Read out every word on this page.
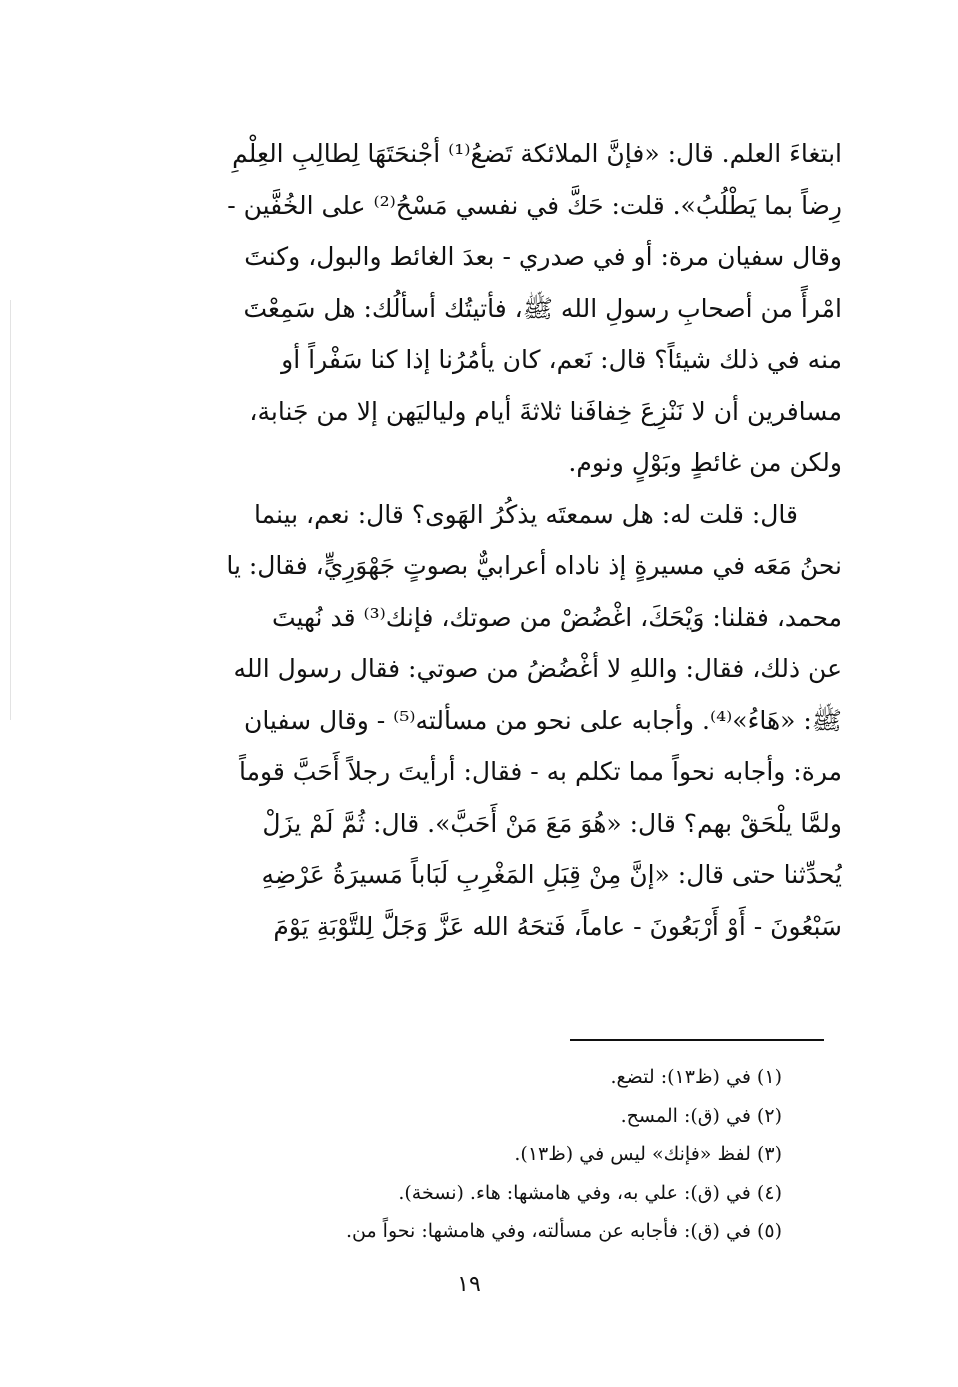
ابتغاءَ العلم. قال: «فإنَّ الملائكة تَضعُ⁽¹⁾ أجْنحَتَهَا لِطالِبِ العِلْمِ
رِضاً بما يَطْلُبُ». قلت: حَكَّ في نفسي مَسْحُ⁽²⁾ على الخُفَّين -
وقال سفيان مرة: أو في صدري - بعدَ الغائط والبول، وكنتَ
امْرأً من أصحابِ رسولِ الله ﷺ، فأتيتُك أسألُك: هل سَمِعْتَ
منه في ذلك شيئاً؟ قال: نَعم، كان يأمُرُنا إذا كنا سَفْراً أو
مسافرين أن لا نَنْزِعَ خِفافَنا ثلاثةَ أيام ولياليَهن إلا من جَنابة،
ولكن من غائطٍ وبَوْلٍ ونوم.
قال: قلت له: هل سمعتَه يذكُرُ الهَوى؟ قال: نعم، بينما
نحنُ مَعَه في مسيرةٍ إذ ناداه أعرابيٌّ بصوتٍ جَهْوَرِيٍّ، فقال: يا
محمد، فقلنا: وَيْحَكَ، اغْضُضْ من صوتك، فإنك⁽³⁾ قد نُهيتَ
عن ذلك، فقال: واللهِ لا أغْضُضُ من صوتي: فقال رسول الله
ﷺ: «هَاءُ»⁽⁴⁾. وأجابه على نحو من مسألته⁽⁵⁾ - وقال سفيان
مرة: وأجابه نحواً مما تكلم به - فقال: أرأيتَ رجلاً أَحَبَّ قوماً
ولمَّا يلْحَقْ بهم؟ قال: «هُوَ مَعَ مَنْ أَحَبَّ». قال: ثُمَّ لَمْ يزَلْ
يُحدِّثنا حتى قال: «إنَّ مِنْ قِبَلِ المَغْرِبِ لَبَاباً مَسيرَةُ عَرْضِهِ
سَبْعُونَ - أَوْ أَرْبَعُونَ - عاماً، فَتحَهُ الله عَزَّ وَجَلَّ لِلتَّوْبَةِ يَوْمَ
(١) في (ظ١٣): لتضع.
(٢) في (ق): المسح.
(٣) لفظ «فإنك» ليس في (ظ١٣).
(٤) في (ق): علي به، وفي هامشها: هاء. (نسخة).
(٥) في (ق): فأجابه عن مسألته، وفي هامشها: نحواً من.
١٩
